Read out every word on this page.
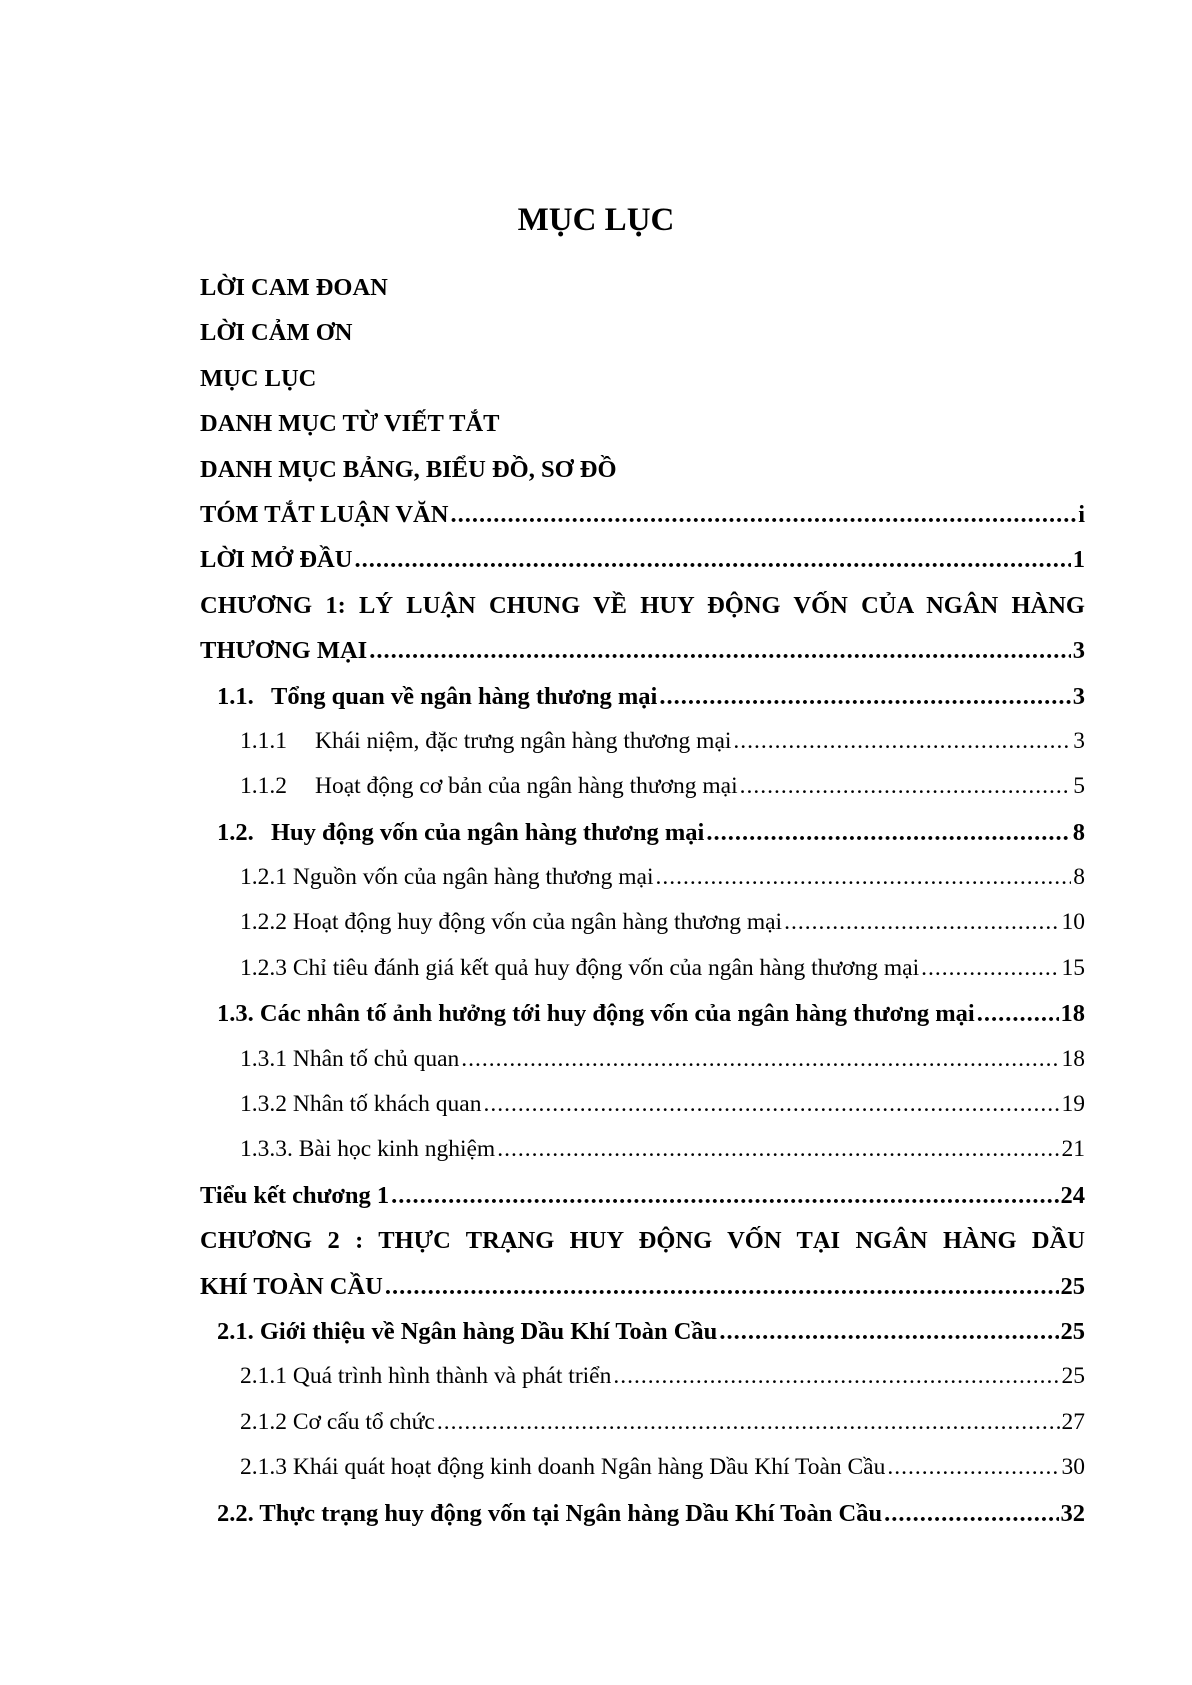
MỤC LỤC
LỜI CAM ĐOAN
LỜI CẢM ƠN
MỤC LỤC
DANH MỤC TỪ VIẾT TẮT
DANH MỤC BẢNG, BIỂU ĐỒ, SƠ ĐỒ
TÓM TẮT LUẬN VĂN .....	i
LỜI MỞ ĐẦU .....	1
CHƯƠNG 1: LÝ LUẬN CHUNG VỀ HUY ĐỘNG VỐN CỦA NGÂN HÀNG
THƯƠNG MẠI .....	3
1.1. Tổng quan về ngân hàng thương mại .....	3
1.1.1 Khái niệm, đặc trưng ngân hàng thương mại .....	3
1.1.2 Hoạt động cơ bản của ngân hàng thương mại .....	5
1.2. Huy động vốn của ngân hàng thương mại .....	8
1.2.1 Nguồn vốn của ngân hàng thương mại .....	8
1.2.2 Hoạt động huy động vốn của ngân hàng thương mại .....	10
1.2.3 Chỉ tiêu đánh giá kết quả huy động vốn của ngân hàng thương mại .....	15
1.3. Các nhân tố ảnh hưởng tới huy động vốn của ngân hàng thương mại .....	18
1.3.1 Nhân tố chủ quan .....	18
1.3.2 Nhân tố khách quan .....	19
1.3.3. Bài học kinh nghiệm .....	21
Tiểu kết chương 1 .....	24
CHƯƠNG 2 : THỰC TRẠNG HUY ĐỘNG VỐN TẠI NGÂN HÀNG DẦU
KHÍ TOÀN CẦU .....	25
2.1. Giới thiệu về Ngân hàng Dầu Khí Toàn Cầu .....	25
2.1.1 Quá trình hình thành và phát triển .....	25
2.1.2 Cơ cấu tổ chức .....	27
2.1.3 Khái quát hoạt động kinh doanh Ngân hàng Dầu Khí Toàn Cầu .....	30
2.2. Thực trạng huy động vốn tại Ngân hàng Dầu Khí Toàn Cầu .....	32
